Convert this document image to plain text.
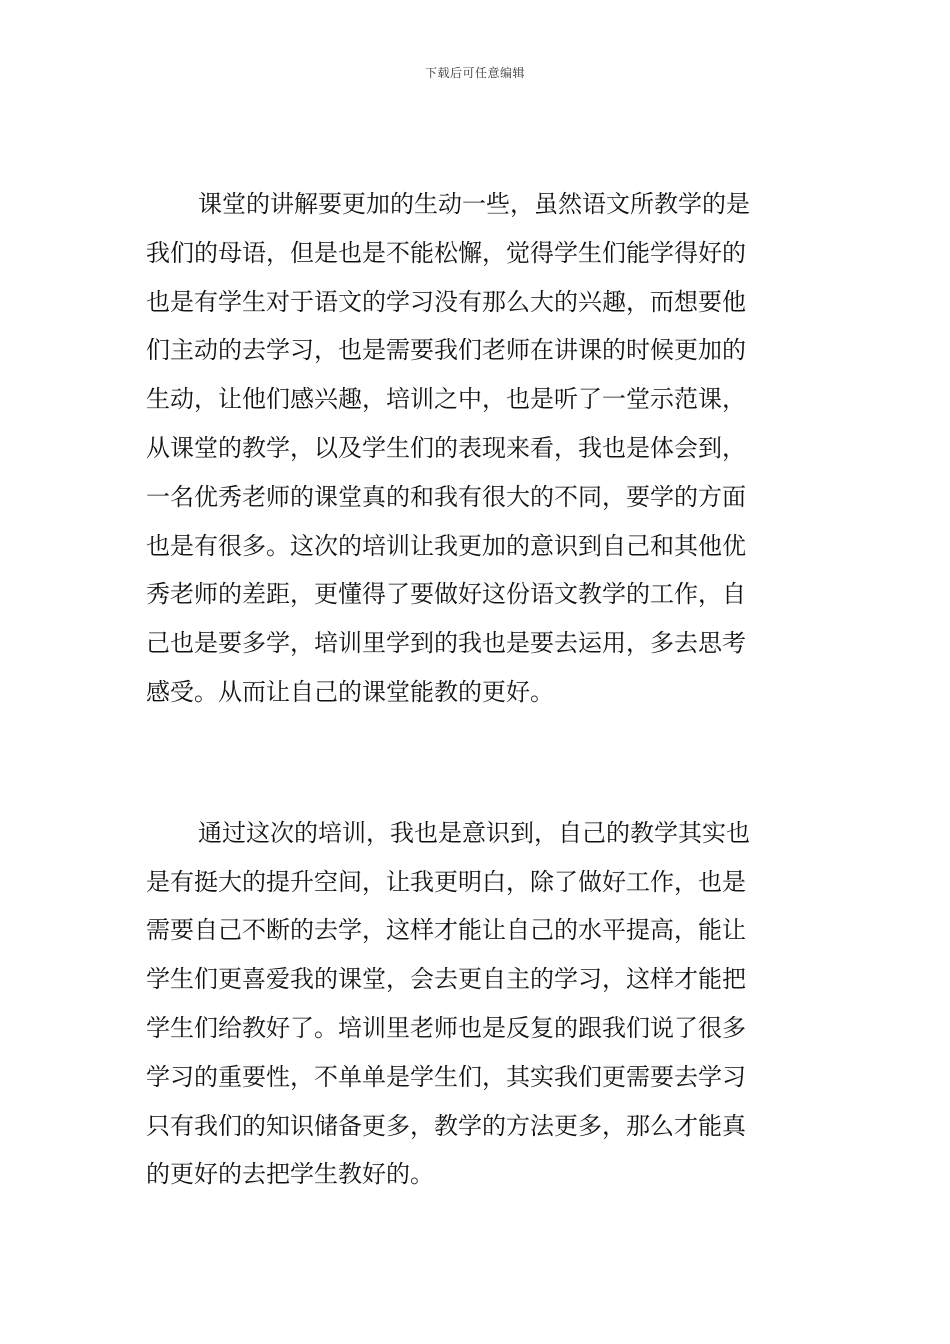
下载后可任意编辑
课堂的讲解要更加的生动一些，虽然语文所教学的是
我们的母语，但是也是不能松懈，觉得学生们能学得好的
也是有学生对于语文的学习没有那么大的兴趣，而想要他
们主动的去学习，也是需要我们老师在讲课的时候更加的
生动，让他们感兴趣，培训之中，也是听了一堂示范课，
从课堂的教学，以及学生们的表现来看，我也是体会到，
一名优秀老师的课堂真的和我有很大的不同，要学的方面
也是有很多。这次的培训让我更加的意识到自己和其他优
秀老师的差距，更懂得了要做好这份语文教学的工作，自
己也是要多学，培训里学到的我也是要去运用，多去思考
感受。从而让自己的课堂能教的更好。
通过这次的培训，我也是意识到，自己的教学其实也
是有挺大的提升空间，让我更明白，除了做好工作，也是
需要自己不断的去学，这样才能让自己的水平提高，能让
学生们更喜爱我的课堂，会去更自主的学习，这样才能把
学生们给教好了。培训里老师也是反复的跟我们说了很多
学习的重要性，不单单是学生们，其实我们更需要去学习
只有我们的知识储备更多，教学的方法更多，那么才能真
的更好的去把学生教好的。
